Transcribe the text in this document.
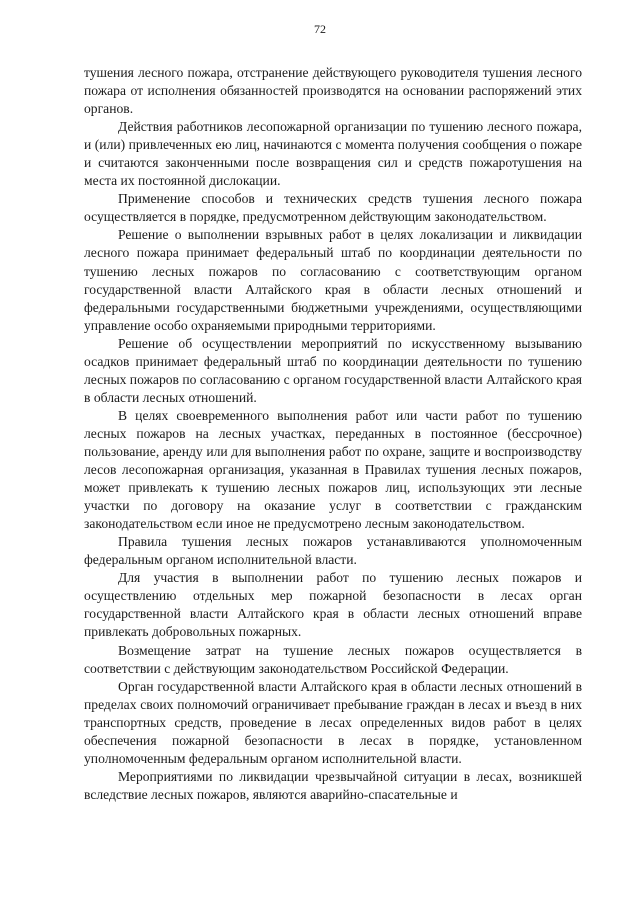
72

тушения лесного пожара, отстранение действующего руководителя тушения лесного пожара от исполнения обязанностей производятся на основании распоряжений этих органов.

Действия работников лесопожарной организации по тушению лесного пожара, и (или) привлеченных ею лиц, начинаются с момента получения сообщения о пожаре и считаются законченными после возвращения сил и средств пожаротушения на места их постоянной дислокации.

Применение способов и технических средств тушения лесного пожара осуществляется в порядке, предусмотренном действующим законодательством.

Решение о выполнении взрывных работ в целях локализации и ликвидации лесного пожара принимает федеральный штаб по координации деятельности по тушению лесных пожаров по согласованию с соответствующим органом государственной власти Алтайского края в области лесных отношений и федеральными государственными бюджетными учреждениями, осуществляющими управление особо охраняемыми природными территориями.

Решение об осуществлении мероприятий по искусственному вызыванию осадков принимает федеральный штаб по координации деятельности по тушению лесных пожаров по согласованию с органом государственной власти Алтайского края в области лесных отношений.

В целях своевременного выполнения работ или части работ по тушению лесных пожаров на лесных участках, переданных в постоянное (бессрочное) пользование, аренду или для выполнения работ по охране, защите и воспроизводству лесов лесопожарная организация, указанная в Правилах тушения лесных пожаров, может привлекать к тушению лесных пожаров лиц, использующих эти лесные участки по договору на оказание услуг в соответствии с гражданским законодательством если иное не предусмотрено лесным законодательством.

Правила тушения лесных пожаров устанавливаются уполномоченным федеральным органом исполнительной власти.

Для участия в выполнении работ по тушению лесных пожаров и осуществлению отдельных мер пожарной безопасности в лесах орган государственной власти Алтайского края в области лесных отношений вправе привлекать добровольных пожарных.

Возмещение затрат на тушение лесных пожаров осуществляется в соответствии с действующим законодательством Российской Федерации.

Орган государственной власти Алтайского края в области лесных отношений в пределах своих полномочий ограничивает пребывание граждан в лесах и въезд в них транспортных средств, проведение в лесах определенных видов работ в целях обеспечения пожарной безопасности в лесах в порядке, установленном уполномоченным федеральным органом исполнительной власти.

Мероприятиями по ликвидации чрезвычайной ситуации в лесах, возникшей вследствие лесных пожаров, являются аварийно-спасательные и
